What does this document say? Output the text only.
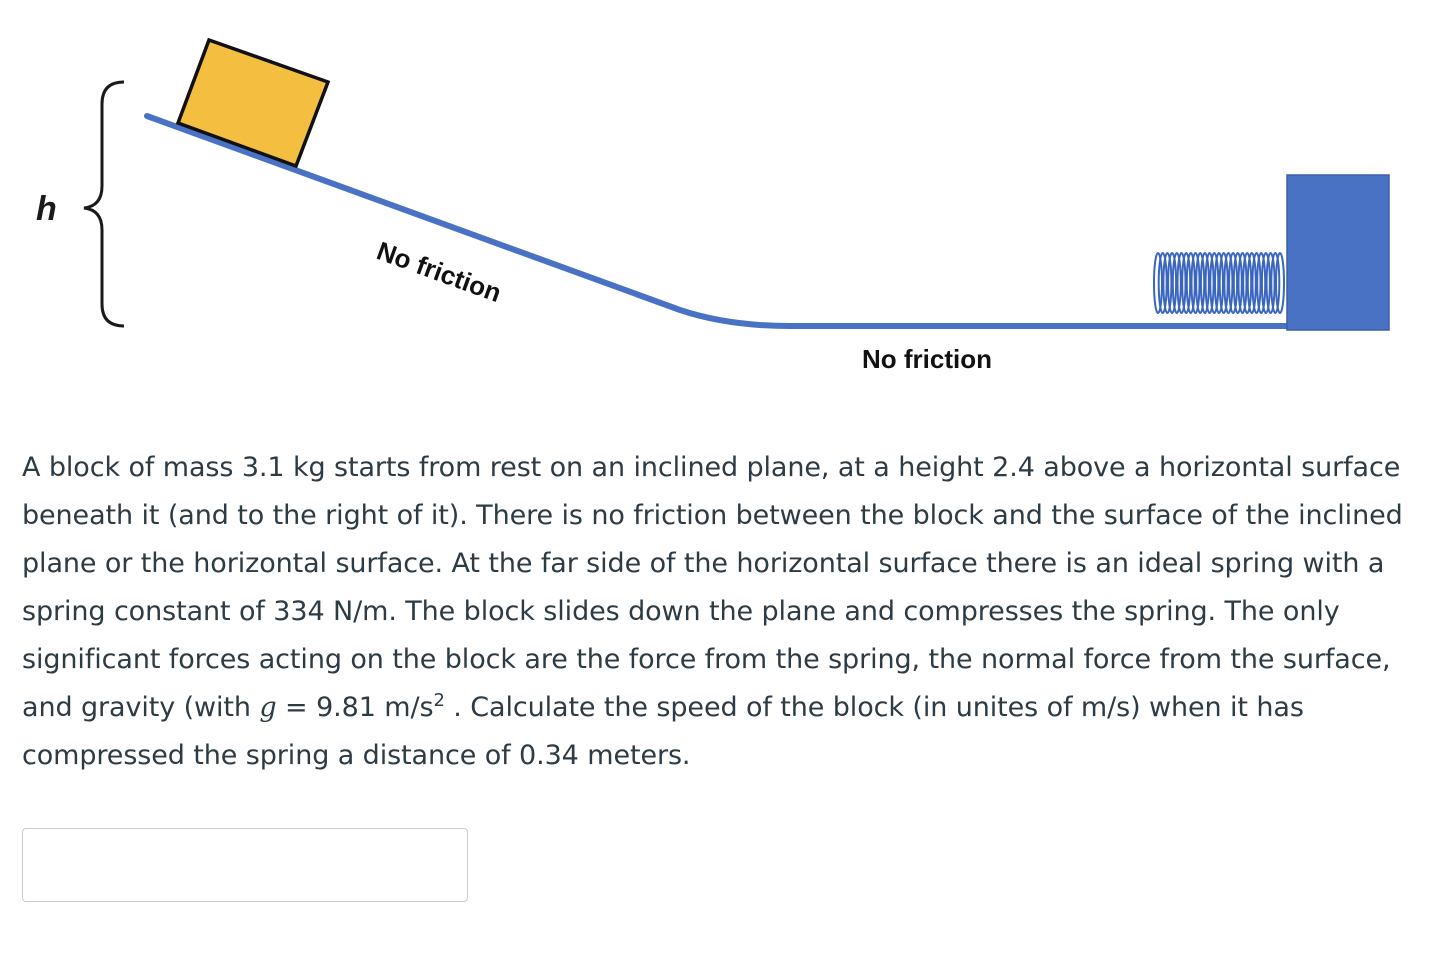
h
No friction
No friction

A block of mass 3.1 kg starts from rest on an inclined plane, at a height 2.4 above a horizontal surface beneath it (and to the right of it). There is no friction between the block and the surface of the inclined plane or the horizontal surface. At the far side of the horizontal surface there is an ideal spring with a spring constant of 334 N/m. The block slides down the plane and compresses the spring. The only significant forces acting on the block are the force from the spring, the normal force from the surface, and gravity (with g = 9.81 $m/s^2$ . Calculate the speed of the block (in unites of m/s) when it has compressed the spring a distance of 0.34 meters.
